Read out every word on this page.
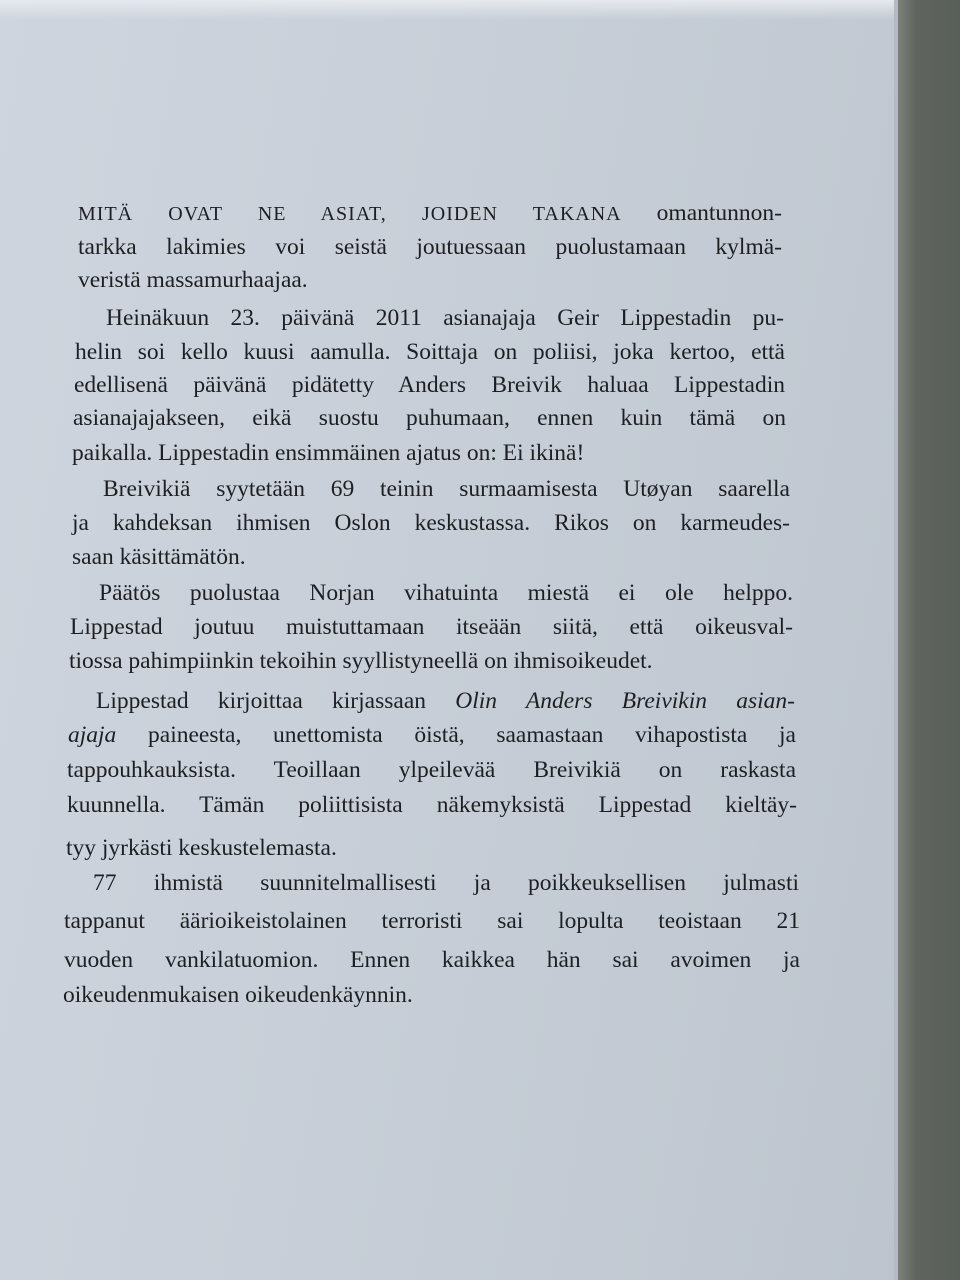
MITÄ OVAT NE ASIAT, JOIDEN TAKANA omantunnon-
tarkka lakimies voi seistä joutuessaan puolustamaan kylmä-
veristä massamurhaajaa.
Heinäkuun 23. päivänä 2011 asianajaja Geir Lippestadin pu-
helin soi kello kuusi aamulla. Soittaja on poliisi, joka kertoo, että
edellisenä päivänä pidätetty Anders Breivik haluaa Lippestadin
asianajajakseen, eikä suostu puhumaan, ennen kuin tämä on
paikalla. Lippestadin ensimmäinen ajatus on: Ei ikinä!
Breivikiä syytetään 69 teinin surmaamisesta Utøyan saarella
ja kahdeksan ihmisen Oslon keskustassa. Rikos on karmeudes-
saan käsittämätön.
Päätös puolustaa Norjan vihatuinta miestä ei ole helppo.
Lippestad joutuu muistuttamaan itseään siitä, että oikeusval-
tiossa pahimpiinkin tekoihin syyllistyneellä on ihmisoikeudet.
Lippestad kirjoittaa kirjassaan Olin Anders Breivikin asian-
ajaja paineesta, unettomista öistä, saamastaan vihapostista ja
tappouhkauksista. Teoillaan ylpeilevää Breivikiä on raskasta
kuunnella. Tämän poliittisista näkemyksistä Lippestad kieltäy-
tyy jyrkästi keskustelemasta.
77 ihmistä suunnitelmallisesti ja poikkeuksellisen julmasti
tappanut äärioikeistolainen terroristi sai lopulta teoistaan 21
vuoden vankilatuomion. Ennen kaikkea hän sai avoimen ja
oikeudenmukaisen oikeudenkäynnin.
